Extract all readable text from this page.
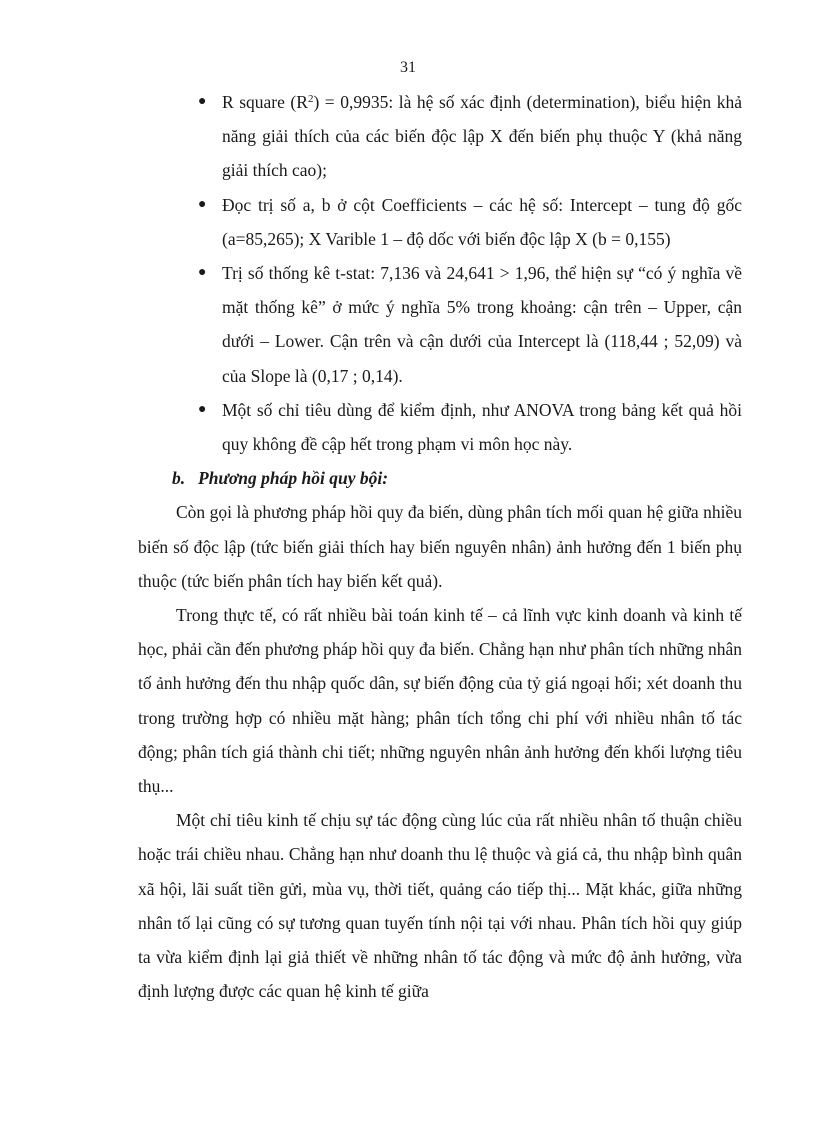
31
● R square $(R^2) = 0,9935$: là hệ số xác định (determination), biểu hiện khả năng giải thích của các biến độc lập X đến biến phụ thuộc Y (khả năng giải thích cao);
● Đọc trị số a, b ở cột Coefficients – các hệ số: Intercept – tung độ gốc (a=85,265); X Varible 1 – độ dốc với biến độc lập X (b = 0,155)
● Trị số thống kê t-stat: 7,136 và 24,641 > 1,96, thể hiện sự “có ý nghĩa về mặt thống kê” ở mức ý nghĩa 5% trong khoảng: cận trên – Upper, cận dưới – Lower. Cận trên và cận dưới của Intercept là (118,44 ; 52,09) và của Slope là (0,17 ; 0,14).
● Một số chỉ tiêu dùng để kiểm định, như ANOVA trong bảng kết quả hồi quy không đề cập hết trong phạm vi môn học này.
b. Phương pháp hồi quy bội:

Còn gọi là phương pháp hồi quy đa biến, dùng phân tích mối quan hệ giữa nhiều biến số độc lập (tức biến giải thích hay biến nguyên nhân) ảnh hưởng đến 1 biến phụ thuộc (tức biến phân tích hay biến kết quả).

Trong thực tế, có rất nhiều bài toán kinh tế – cả lĩnh vực kinh doanh và kinh tế học, phải cần đến phương pháp hồi quy đa biến. Chẳng hạn như phân tích những nhân tố ảnh hưởng đến thu nhập quốc dân, sự biến động của tỷ giá ngoại hối; xét doanh thu trong trường hợp có nhiều mặt hàng; phân tích tổng chi phí với nhiều nhân tố tác động; phân tích giá thành chi tiết; những nguyên nhân ảnh hưởng đến khối lượng tiêu thụ...

Một chỉ tiêu kinh tế chịu sự tác động cùng lúc của rất nhiều nhân tố thuận chiều hoặc trái chiều nhau. Chẳng hạn như doanh thu lệ thuộc và giá cả, thu nhập bình quân xã hội, lãi suất tiền gửi, mùa vụ, thời tiết, quảng cáo tiếp thị... Mặt khác, giữa những nhân tố lại cũng có sự tương quan tuyến tính nội tại với nhau. Phân tích hồi quy giúp ta vừa kiểm định lại giả thiết về những nhân tố tác động và mức độ ảnh hưởng, vừa định lượng được các quan hệ kinh tế giữa
